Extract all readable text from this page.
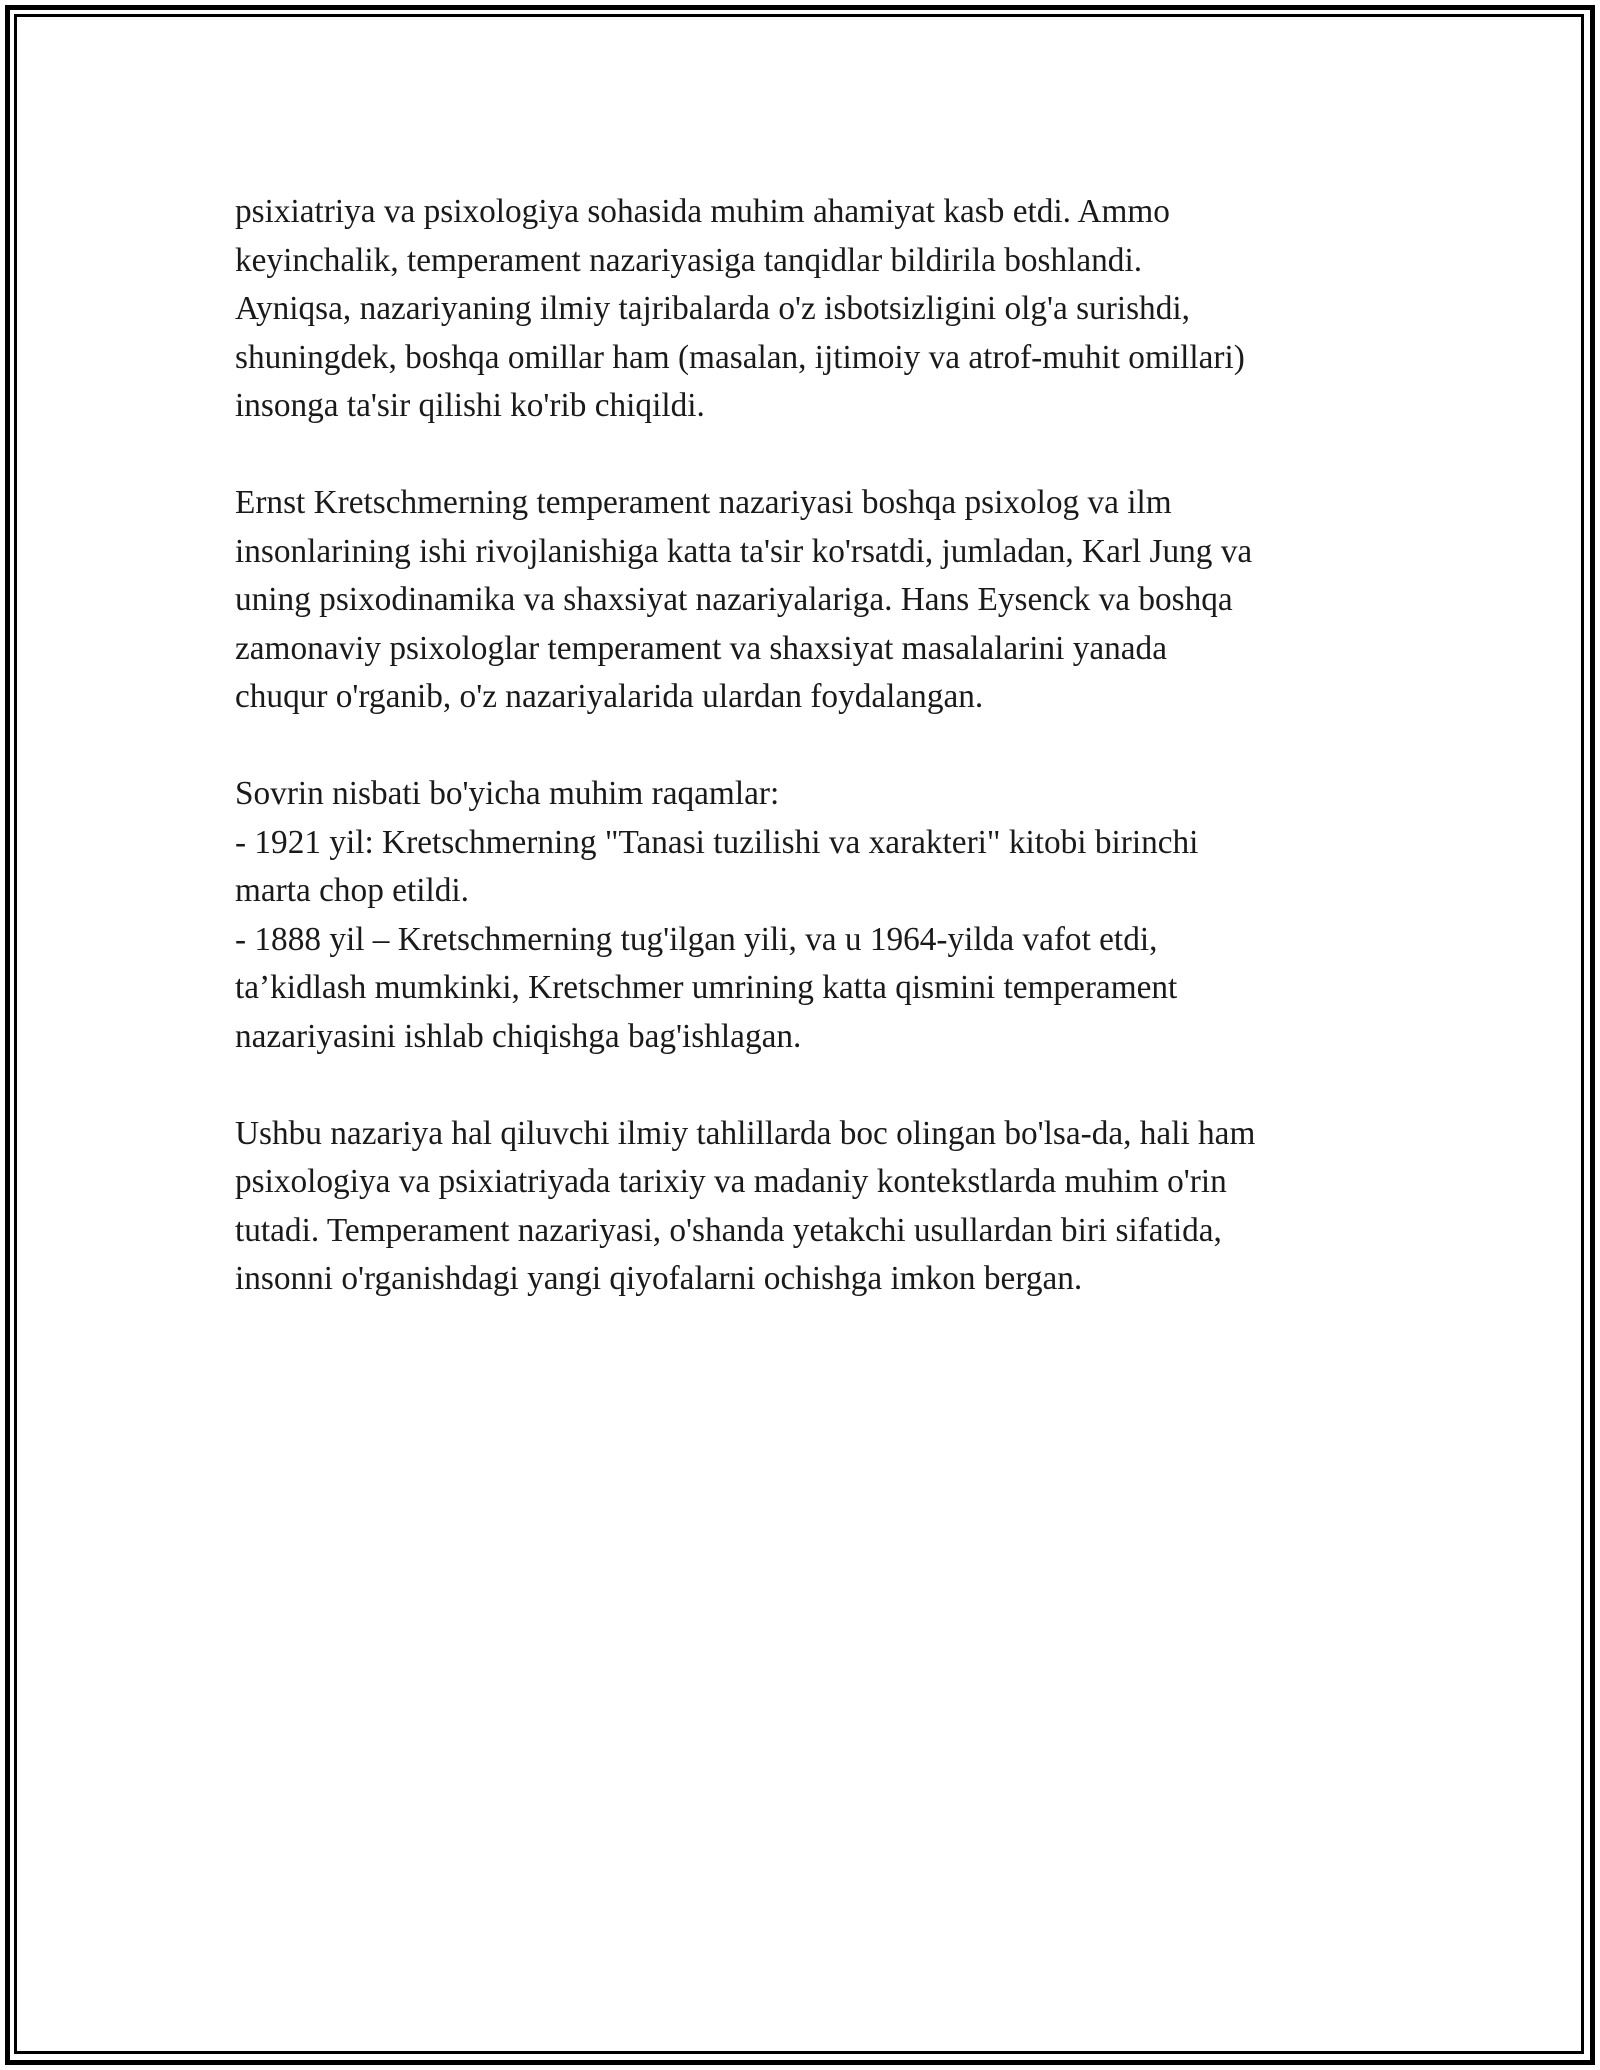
psixiatriya va psixologiya sohasida muhim ahamiyat kasb etdi. Ammo
keyinchalik, temperament nazariyasiga tanqidlar bildirila boshlandi.
Ayniqsa, nazariyaning ilmiy tajribalarda o'z isbotsizligini olg'a surishdi,
shuningdek, boshqa omillar ham (masalan, ijtimoiy va atrof-muhit omillari)
insonga ta'sir qilishi ko'rib chiqildi.

Ernst Kretschmerning temperament nazariyasi boshqa psixolog va ilm
insonlarining ishi rivojlanishiga katta ta'sir ko'rsatdi, jumladan, Karl Jung va
uning psixodinamika va shaxsiyat nazariyalariga. Hans Eysenck va boshqa
zamonaviy psixologlar temperament va shaxsiyat masalalarini yanada
chuqur o'rganib, o'z nazariyalarida ulardan foydalangan.

Sovrin nisbati bo'yicha muhim raqamlar:
- 1921 yil: Kretschmerning "Tanasi tuzilishi va xarakteri" kitobi birinchi
marta chop etildi.
- 1888 yil – Kretschmerning tug'ilgan yili, va u 1964-yilda vafot etdi,
ta’kidlash mumkinki, Kretschmer umrining katta qismini temperament
nazariyasini ishlab chiqishga bag'ishlagan.

Ushbu nazariya hal qiluvchi ilmiy tahlillarda boc olingan bo'lsa-da, hali ham
psixologiya va psixiatriyada tarixiy va madaniy kontekstlarda muhim o'rin
tutadi. Temperament nazariyasi, o'shanda yetakchi usullardan biri sifatida,
insonni o'rganishdagi yangi qiyofalarni ochishga imkon bergan.
